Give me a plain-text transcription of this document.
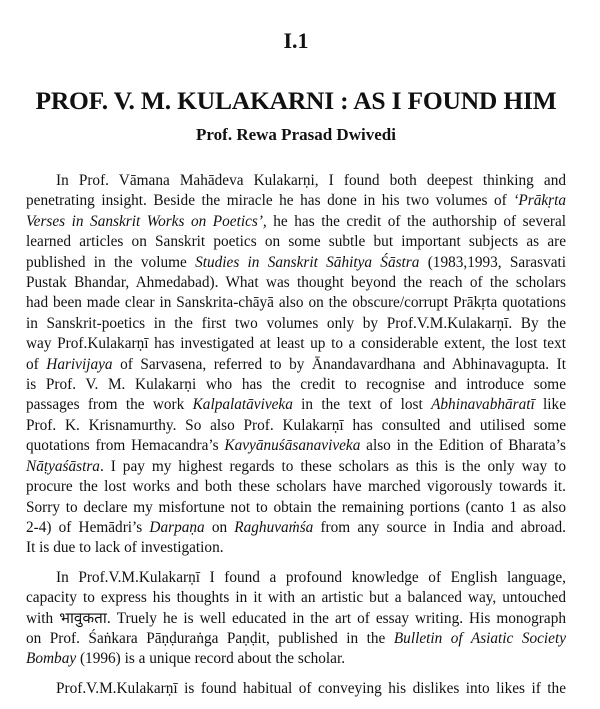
I.1
PROF. V. M. KULAKARNI : AS I FOUND HIM
Prof. Rewa Prasad Dwivedi

In Prof. Vāmana Mahādeva Kulakarṇi, I found both deepest thinking and
penetrating insight. Beside the miracle he has done in his two volumes of ‘Prākṛta
Verses in Sanskrit Works on Poetics’, he has the credit of the authorship of several
learned articles on Sanskrit poetics on some subtle but important subjects as are
published in the volume Studies in Sanskrit Sāhitya Śāstra (1983,1993, Sarasvati
Pustak Bhandar, Ahmedabad). What was thought beyond the reach of the scholars
had been made clear in Sanskrita-chāyā also on the obscure/corrupt Prākṛta quotations
in Sanskrit-poetics in the first two volumes only by Prof.V.M.Kulakarṇī. By the
way Prof.Kulakarṇī has investigated at least up to a considerable extent, the lost text
of Harivijaya of Sarvasena, referred to by Ānandavardhana and Abhinavagupta. It
is Prof. V. M. Kulakarṇi who has the credit to recognise and introduce some
passages from the work Kalpalatāviveka in the text of lost Abhinavabhāratī like
Prof. K. Krisnamurthy. So also Prof. Kulakarṇī has consulted and utilised some
quotations from Hemacandra’s Kavyānuśāsanaviveka also in the Edition of Bharata’s
Nāṭyaśāstra. I pay my highest regards to these scholars as this is the only way to
procure the lost works and both these scholars have marched vigorously towards it.
Sorry to declare my misfortune not to obtain the remaining portions (canto 1 as also
2-4) of Hemādri’s Darpaṇa on Raghuvaṁśa from any source in India and abroad.
It is due to lack of investigation.

In Prof.V.M.Kulakarṇī I found a profound knowledge of English language,
capacity to express his thoughts in it with an artistic but a balanced way, untouched
with भावुकता. Truely he is well educated in the art of essay writing. His monograph
on Prof. Śaṅkara Pāṇḍuraṅga Paṇḍit, published in the Bulletin of Asiatic Society
Bombay (1996) is a unique record about the scholar.

Prof.V.M.Kulakarṇī is found habitual of conveying his dislikes into likes if the
